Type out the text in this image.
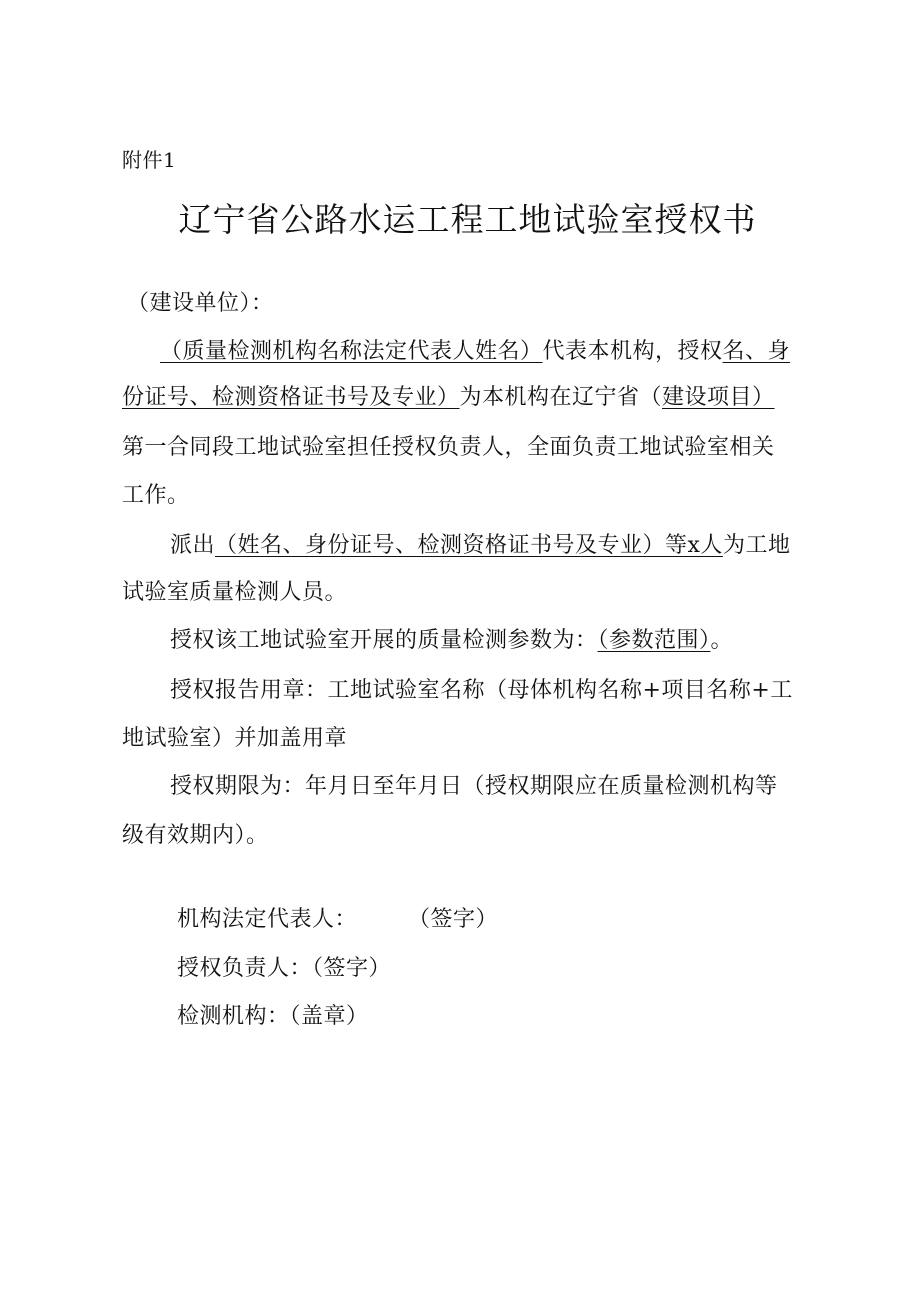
附件1
辽宁省公路水运工程工地试验室授权书
（建设单位）：
（质量检测机构名称法定代表人姓名）代表本机构，授权名、身
份证号、检测资格证书号及专业）为本机构在辽宁省（建设项目）
第一合同段工地试验室担任授权负责人，全面负责工地试验室相关
工作。
派出（姓名、身份证号、检测资格证书号及专业）等x人为工地
试验室质量检测人员。
授权该工地试验室开展的质量检测参数为：（参数范围）。
授权报告用章：工地试验室名称（母体机构名称+项目名称+工
地试验室）并加盖用章
授权期限为：年月日至年月日（授权期限应在质量检测机构等
级有效期内）。
机构法定代表人：	（签字）
授权负责人：（签字）
检测机构：（盖章）
